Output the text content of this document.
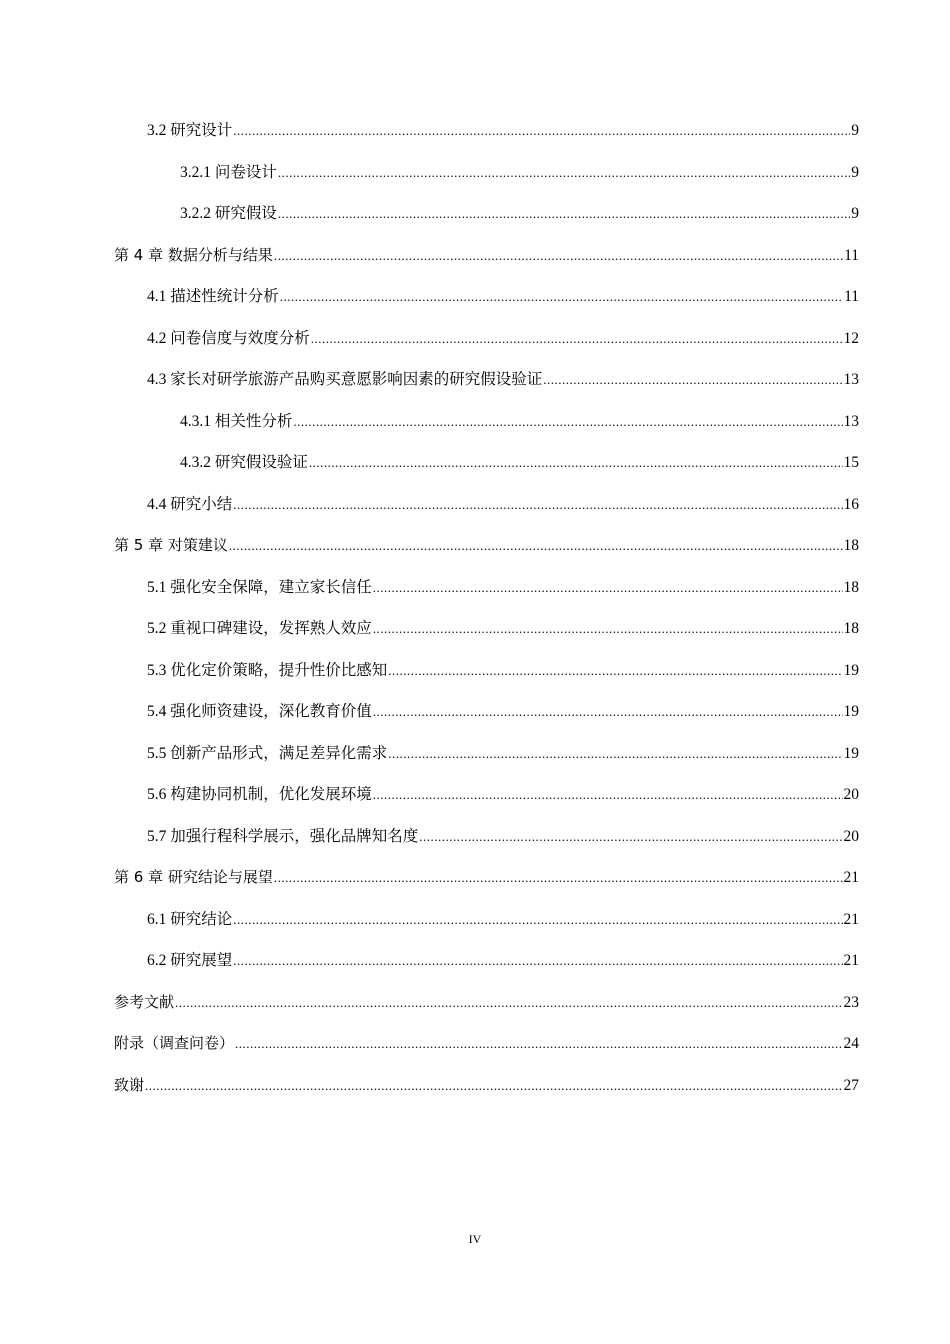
3.2 研究设计 .....	9
3.2.1 问卷设计 .....	9
3.2.2 研究假设 .....	9
第 4 章 数据分析与结果 .....	11
4.1 描述性统计分析 .....	11
4.2 问卷信度与效度分析 .....	12
4.3 家长对研学旅游产品购买意愿影响因素的研究假设验证 .....	13
4.3.1 相关性分析 .....	13
4.3.2 研究假设验证 .....	15
4.4 研究小结 .....	16
第 5 章 对策建议 .....	18
5.1 强化安全保障，建立家长信任 .....	18
5.2 重视口碑建设，发挥熟人效应 .....	18
5.3 优化定价策略，提升性价比感知 .....	19
5.4 强化师资建设，深化教育价值 .....	19
5.5 创新产品形式，满足差异化需求 .....	19
5.6 构建协同机制，优化发展环境 .....	20
5.7 加强行程科学展示，强化品牌知名度 .....	20
第 6 章 研究结论与展望 .....	21
6.1 研究结论 .....	21
6.2 研究展望 .....	21
参考文献 .....	23
附录（调查问卷） .....	24
致谢 .....	27
IV
